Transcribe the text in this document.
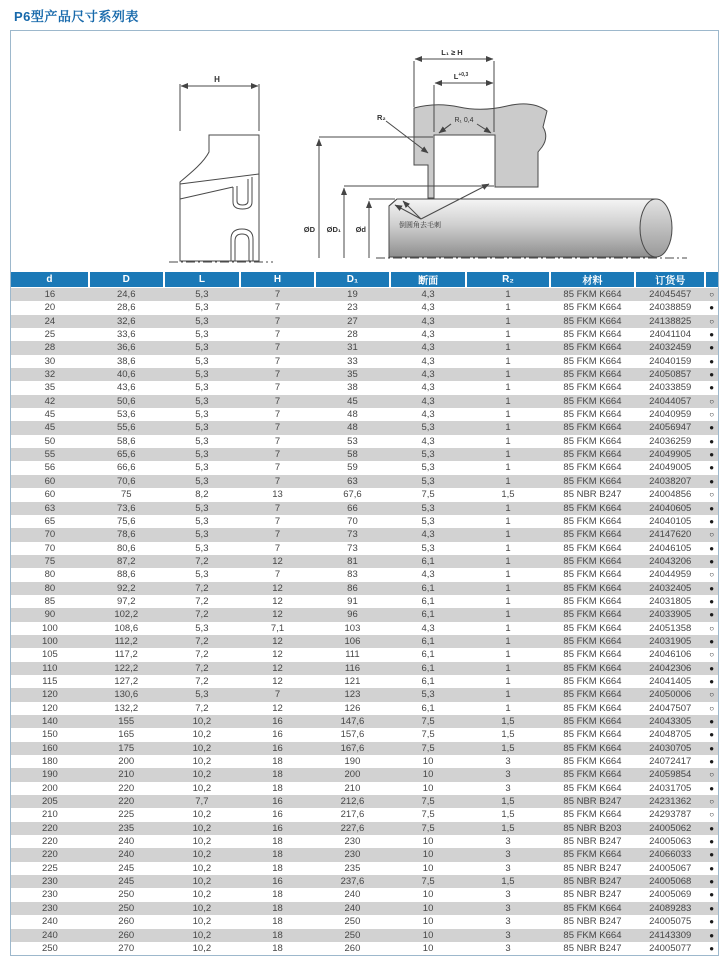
P6型产品尺寸系列表
H
L₁ ≥ H
$L^{+0,3}$
R₂	R₁ 0,4
ØD ØD₁ Ød	倒圆角去毛刺
d	D	L	H	D₁	断面	R₂	材料	订货号	
16	24,6	5,3	7	19	4,3	1	85 FKM K664	24045457	○
20	28,6	5,3	7	23	4,3	1	85 FKM K664	24038859	●
24	32,6	5,3	7	27	4,3	1	85 FKM K664	24138825	○
25	33,6	5,3	7	28	4,3	1	85 FKM K664	24041104	●
28	36,6	5,3	7	31	4,3	1	85 FKM K664	24032459	●
30	38,6	5,3	7	33	4,3	1	85 FKM K664	24040159	●
32	40,6	5,3	7	35	4,3	1	85 FKM K664	24050857	●
35	43,6	5,3	7	38	4,3	1	85 FKM K664	24033859	●
42	50,6	5,3	7	45	4,3	1	85 FKM K664	24044057	○
45	53,6	5,3	7	48	4,3	1	85 FKM K664	24040959	○
45	55,6	5,3	7	48	5,3	1	85 FKM K664	24056947	●
50	58,6	5,3	7	53	4,3	1	85 FKM K664	24036259	●
55	65,6	5,3	7	58	5,3	1	85 FKM K664	24049905	●
56	66,6	5,3	7	59	5,3	1	85 FKM K664	24049005	●
60	70,6	5,3	7	63	5,3	1	85 FKM K664	24038207	●
60	75	8,2	13	67,6	7,5	1,5	85 NBR B247	24004856	○
63	73,6	5,3	7	66	5,3	1	85 FKM K664	24040605	●
65	75,6	5,3	7	70	5,3	1	85 FKM K664	24040105	●
70	78,6	5,3	7	73	4,3	1	85 FKM K664	24147620	○
70	80,6	5,3	7	73	5,3	1	85 FKM K664	24046105	●
75	87,2	7,2	12	81	6,1	1	85 FKM K664	24043206	●
80	88,6	5,3	7	83	4,3	1	85 FKM K664	24044959	○
80	92,2	7,2	12	86	6,1	1	85 FKM K664	24032405	●
85	97,2	7,2	12	91	6,1	1	85 FKM K664	24031805	●
90	102,2	7,2	12	96	6,1	1	85 FKM K664	24033905	●
100	108,6	5,3	7,1	103	4,3	1	85 FKM K664	24051358	○
100	112,2	7,2	12	106	6,1	1	85 FKM K664	24031905	●
105	117,2	7,2	12	111	6,1	1	85 FKM K664	24046106	○
110	122,2	7,2	12	116	6,1	1	85 FKM K664	24042306	●
115	127,2	7,2	12	121	6,1	1	85 FKM K664	24041405	●
120	130,6	5,3	7	123	5,3	1	85 FKM K664	24050006	○
120	132,2	7,2	12	126	6,1	1	85 FKM K664	24047507	○
140	155	10,2	16	147,6	7,5	1,5	85 FKM K664	24043305	●
150	165	10,2	16	157,6	7,5	1,5	85 FKM K664	24048705	●
160	175	10,2	16	167,6	7,5	1,5	85 FKM K664	24030705	●
180	200	10,2	18	190	10	3	85 FKM K664	24072417	●
190	210	10,2	18	200	10	3	85 FKM K664	24059854	○
200	220	10,2	18	210	10	3	85 FKM K664	24031705	●
205	220	7,7	16	212,6	7,5	1,5	85 NBR B247	24231362	○
210	225	10,2	16	217,6	7,5	1,5	85 FKM K664	24293787	○
220	235	10,2	16	227,6	7,5	1,5	85 NBR B203	24005062	●
220	240	10,2	18	230	10	3	85 NBR B247	24005063	●
220	240	10,2	18	230	10	3	85 FKM K664	24066033	●
225	245	10,2	18	235	10	3	85 NBR B247	24005067	●
230	245	10,2	16	237,6	7,5	1,5	85 NBR B247	24005068	●
230	250	10,2	18	240	10	3	85 NBR B247	24005069	●
230	250	10,2	18	240	10	3	85 FKM K664	24089283	●
240	260	10,2	18	250	10	3	85 NBR B247	24005075	●
240	260	10,2	18	250	10	3	85 FKM K664	24143309	●
250	270	10,2	18	260	10	3	85 NBR B247	24005077	●
